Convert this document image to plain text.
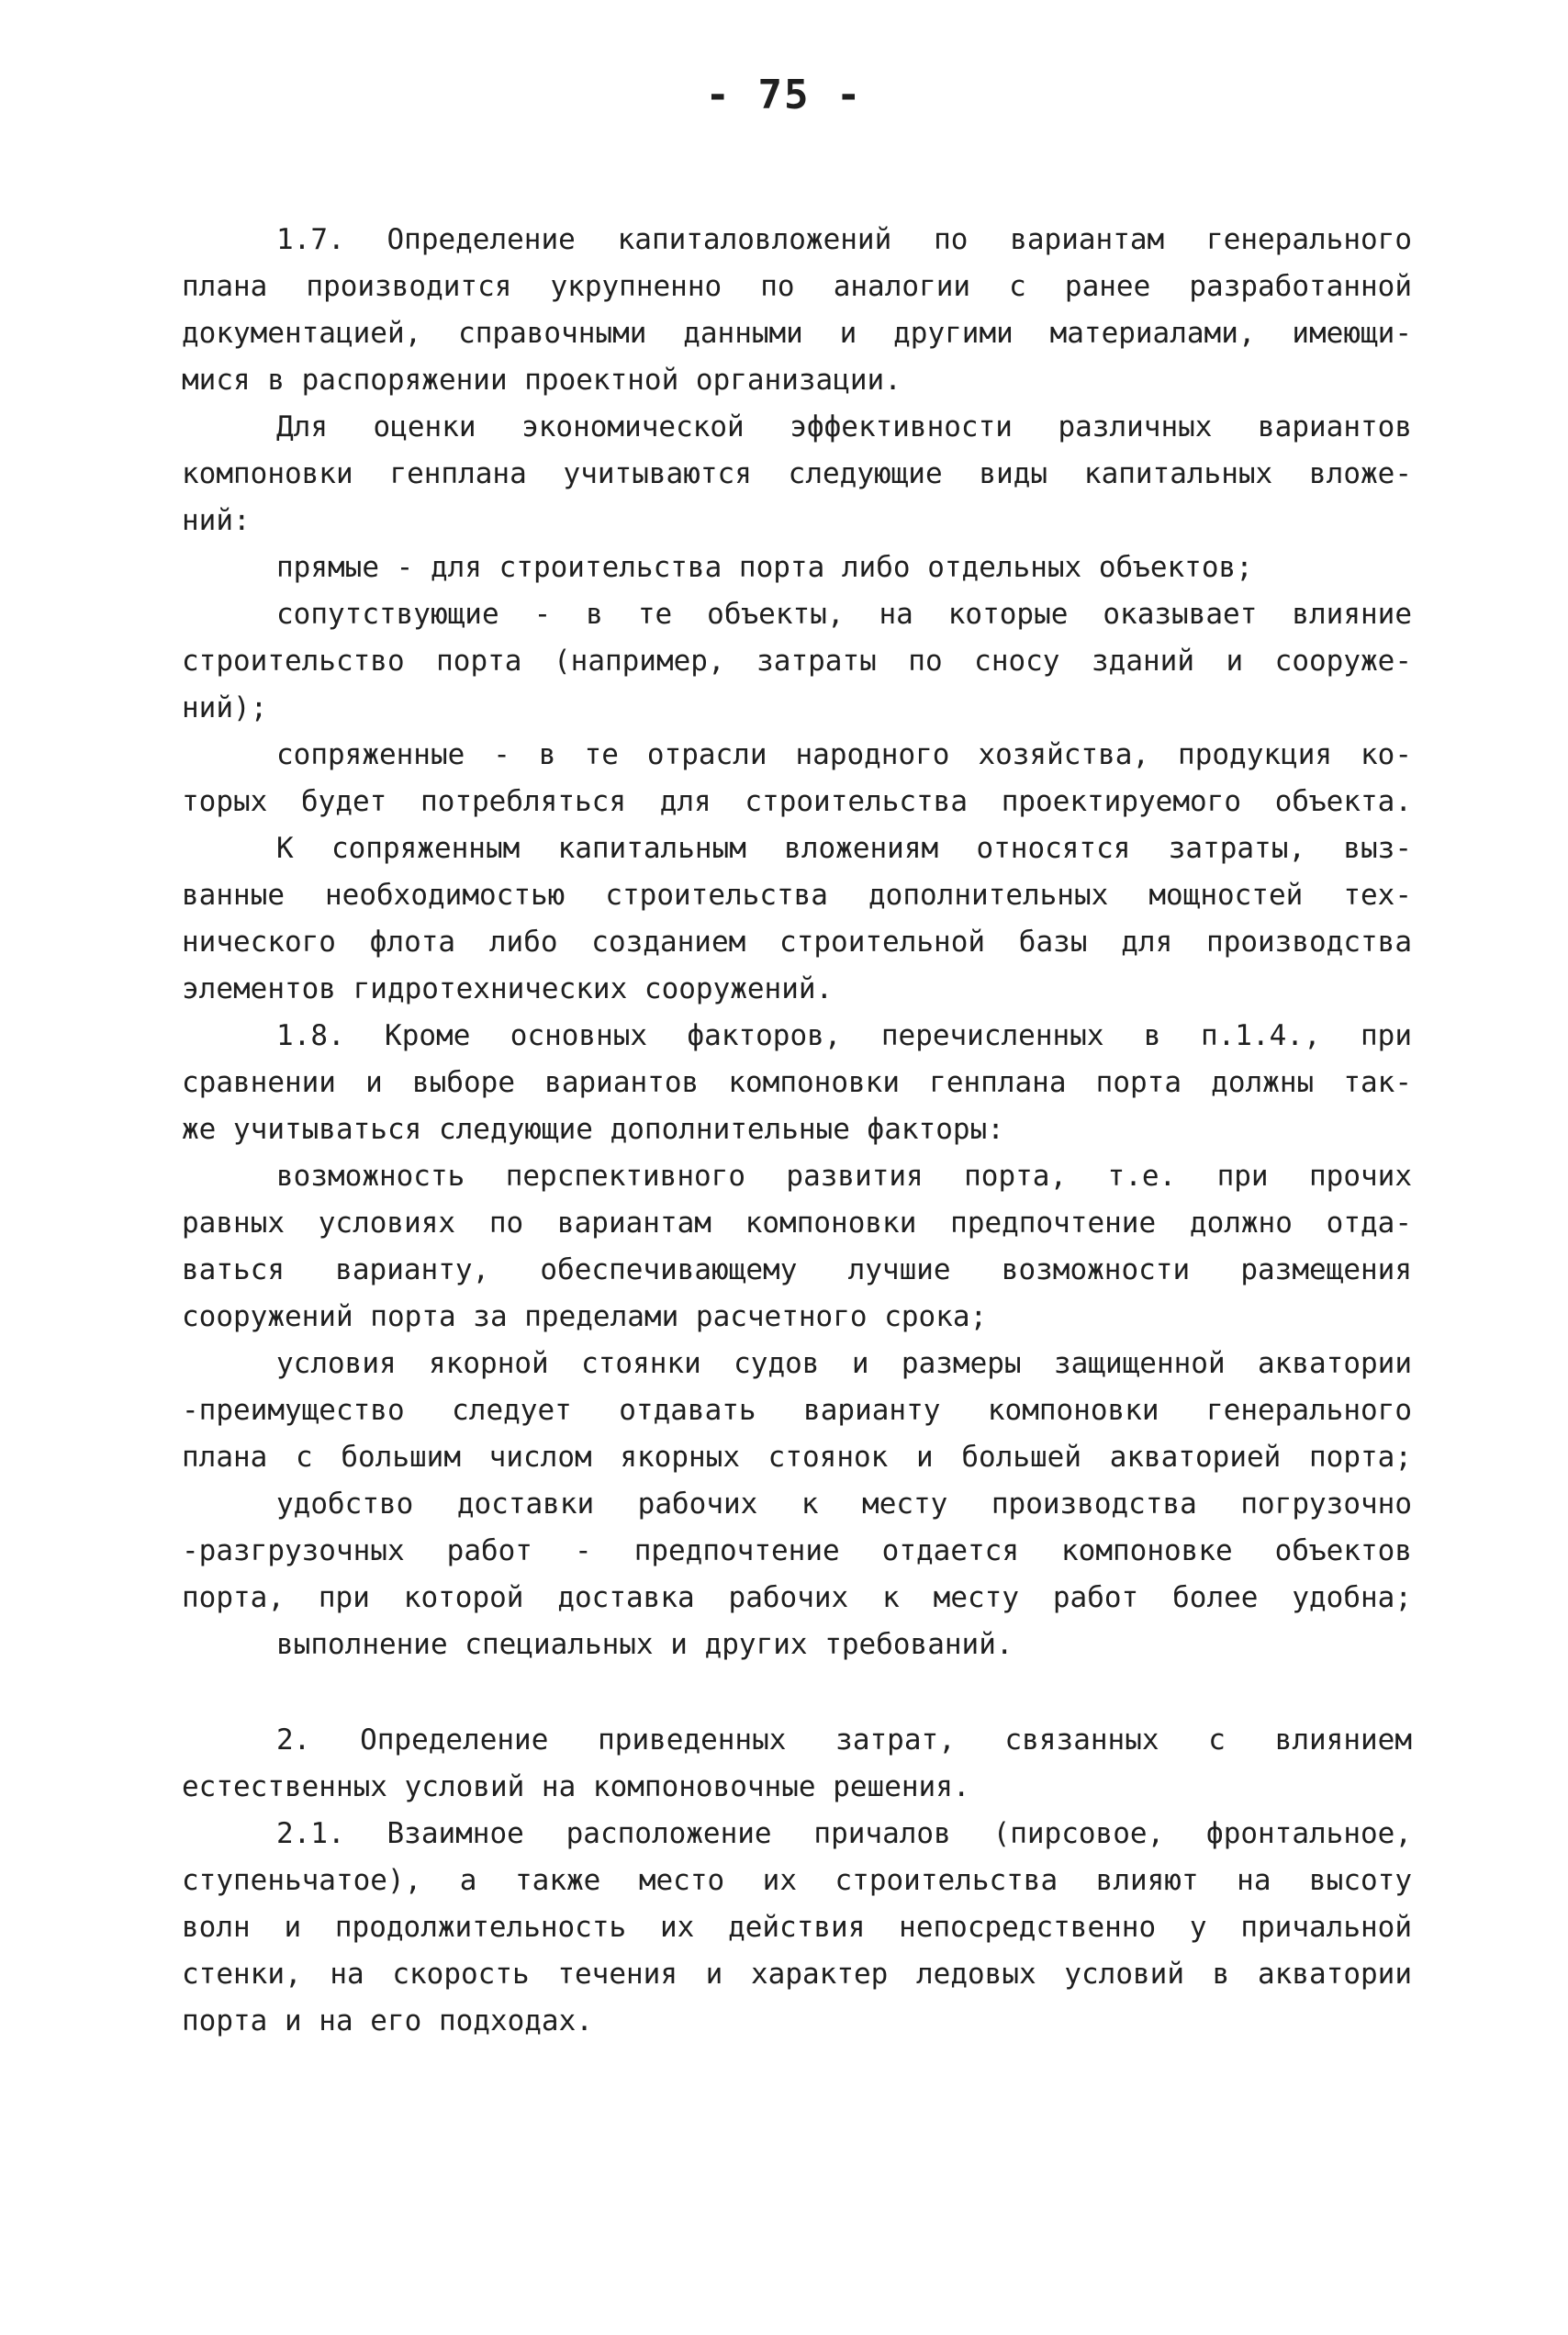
- 75 -
1.7. Определение капиталовложений по вариантам генерального
плана производится укрупненно по аналогии с ранее разработанной
документацией, справочными данными и другими материалами, имеющи-
мися в распоряжении проектной организации.
Для оценки экономической эффективности различных вариантов
компоновки генплана учитываются следующие виды капитальных вложе-
ний:
прямые - для строительства порта либо отдельных объектов;
сопутствующие - в те объекты, на которые оказывает влияние
строительство порта (например, затраты по сносу зданий и сооруже-
ний);
сопряженные - в те отрасли народного хозяйства, продукция ко-
торых будет потребляться для строительства проектируемого объекта.
К сопряженным капитальным вложениям относятся затраты, выз-
ванные необходимостью строительства дополнительных мощностей тех-
нического флота либо созданием строительной базы для производства
элементов гидротехнических сооружений.
1.8. Кроме основных факторов, перечисленных в п.1.4., при
сравнении и выборе вариантов компоновки генплана порта должны так-
же учитываться следующие дополнительные факторы:
возможность перспективного развития порта, т.е. при прочих
равных условиях по вариантам компоновки предпочтение должно отда-
ваться варианту, обеспечивающему лучшие возможности размещения
сооружений порта за пределами расчетного срока;
условия якорной стоянки судов и размеры защищенной акватории
-преимущество следует отдавать варианту компоновки генерального
плана с большим числом якорных стоянок и большей акваторией порта;
удобство доставки рабочих к месту производства погрузочно
-разгрузочных работ - предпочтение отдается компоновке объектов
порта, при которой доставка рабочих к месту работ более удобна;
выполнение специальных и других требований.
2. Определение приведенных затрат, связанных с влиянием
естественных условий на компоновочные решения.
2.1. Взаимное расположение причалов (пирсовое, фронтальное,
ступеньчатое), а также место их строительства влияют на высоту
волн и продолжительность их действия непосредственно у причальной
стенки, на скорость течения и характер ледовых условий в акватории
порта и на его подходах.
